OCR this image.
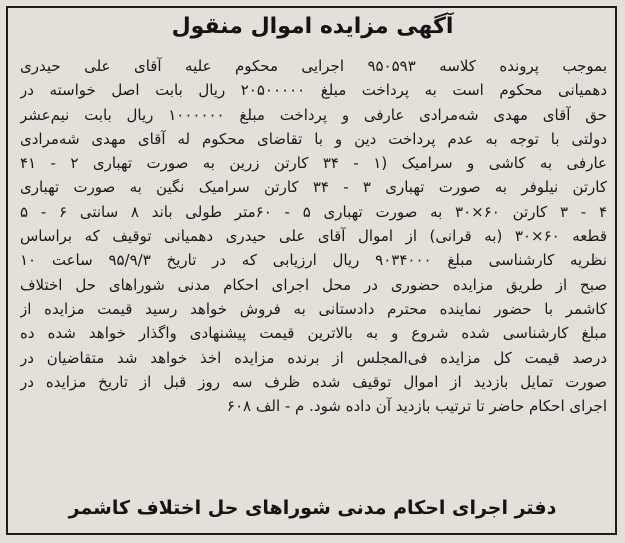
آگهی مزایده اموال منقول
بموجب پرونده کلاسه ۹۵۰۵۹۳ اجرایی محکوم علیه آقای علی حیدری
دهمیانی محکوم است به پرداخت مبلغ ۲۰۵۰۰۰۰۰ ریال بابت اصل خواسته در
حق آقای مهدی شه‌مرادی عارفی و پرداخت مبلغ ۱۰۰۰۰۰۰ ریال بابت نیم‌عشر
دولتی با توجه به عدم پرداخت دین و با تقاضای محکوم له آقای مهدی شه‌مرادی
عارفی به کاشی و سرامیک (۱ - ۳۴ کارتن زرین به صورت تهباری ۲ - ۴۱
کارتن نیلوفر به صورت تهباری ۳ - ۳۴ کارتن سرامیک نگین به صورت تهباری
۴ - ۳ کارتن ۶۰×۳۰ به صورت تهباری ۵ - ۶۰متر طولی باند ۸ سانتی ۶ - ۵
قطعه ۶۰×۳۰ (به قرانی) از اموال آقای علی حیدری دهمیانی توقیف که براساس
نظریه کارشناسی مبلغ ۹۰۳۴۰۰۰ ریال ارزیابی که در تاریخ ۹۵/۹/۳ ساعت ۱۰
صبح از طریق مزایده حضوری در محل اجرای احکام مدنی شوراهای حل اختلاف
کاشمر با حضور نماینده محترم دادستانی به فروش خواهد رسید قیمت مزایده از
مبلغ کارشناسی شده شروع و به بالاترین قیمت پیشنهادی واگذار خواهد شده ده
درصد قیمت کل مزایده فی‌المجلس از برنده مزایده اخذ خواهد شد متقاضیان در
صورت تمایل بازدید از اموال توقیف شده ظرف سه روز قبل از تاریخ مزایده در
اجرای احکام حاضر تا ترتیب بازدید آن داده شود. م - الف ۶۰۸
دفتر اجرای احکام مدنی شوراهای حل اختلاف کاشمر
